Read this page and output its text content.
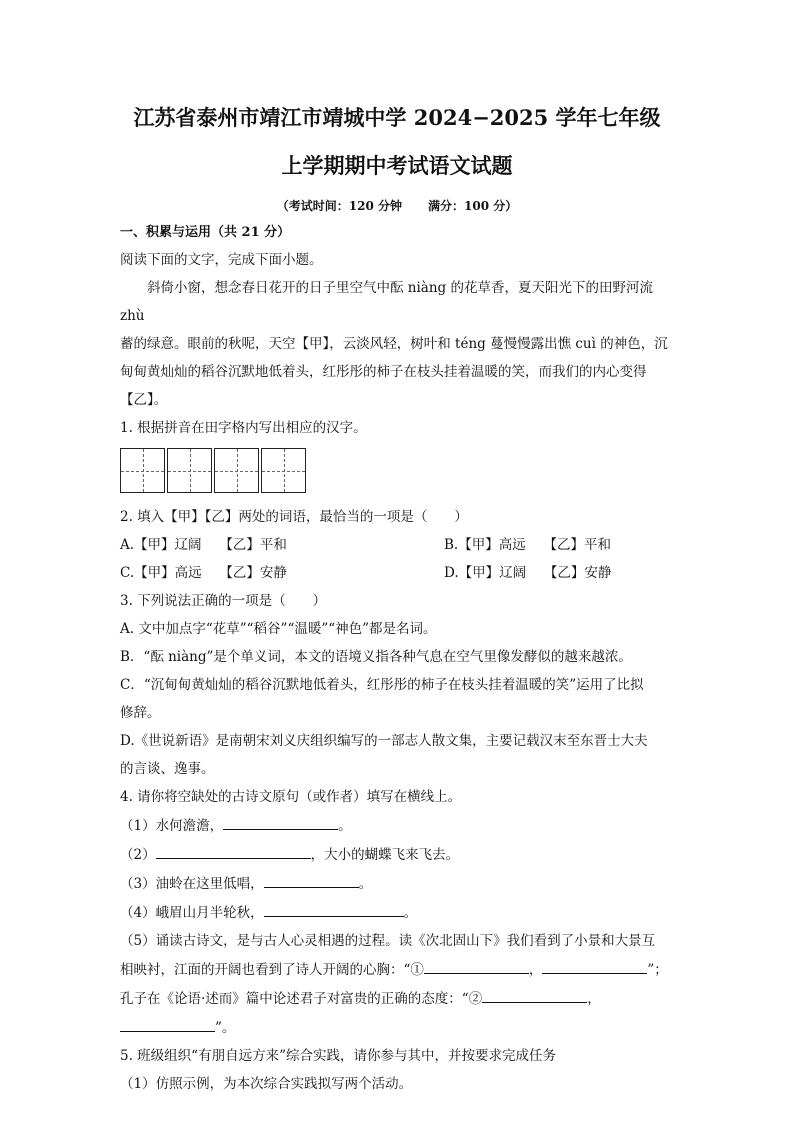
江苏省泰州市靖江市靖城中学 2024−2025 学年七年级
上学期期中考试语文试题
（考试时间：120 分钟 满分：100 分）
一、积累与运用（共 21 分）
阅读下面的文字，完成下面小题。
斜倚小窗，想念春日花开的日子里空气中酝 niàng 的花草香，夏天阳光下的田野河流 zhù
蓄的绿意。眼前的秋呢，天空【甲】，云淡风轻，树叶和 téng 蔓慢慢露出憔 cuì 的神色，沉
甸甸黄灿灿的稻谷沉默地低着头，红彤彤的柿子在枝头挂着温暖的笑，而我们的内心变得
【乙】。
1. 根据拼音在田字格内写出相应的汉字。
2. 填入【甲】【乙】两处的词语，最恰当的一项是（　　）
A.【甲】辽阔　 【乙】平和	B.【甲】高远　 【乙】平和
C.【甲】高远　 【乙】安静	D.【甲】辽阔　 【乙】安静
3. 下列说法正确的一项是（　　）
A. 文中加点字“花草”“稻谷”“温暖”“神色”都是名词。
B．“酝 niàng”是个单义词，本文的语境义指各种气息在空气里像发酵似的越来越浓。
C．“沉甸甸黄灿灿的稻谷沉默地低着头，红彤彤的柿子在枝头挂着温暖的笑”运用了比拟
修辞。
D.《世说新语》是南朝宋刘义庆组织编写的一部志人散文集，主要记载汉末至东晋士大夫
的言谈、逸事。
4. 请你将空缺处的古诗文原句（或作者）填写在横线上。
（1）水何澹澹，	。
（2）	，大小的蝴蝶飞来飞去。
（3）油蛉在这里低唱，	。
（4）峨眉山月半轮秋，	。
（5）诵读古诗文，是与古人心灵相遇的过程。读《次北固山下》我们看到了小景和大景互
相映衬，江面的开阔也看到了诗人开阔的心胸：“①	，	”；
孔子在《论语·述而》篇中论述君子对富贵的正确的态度：“②	，
”。
5. 班级组织“有朋自远方来”综合实践，请你参与其中，并按要求完成任务
（1）仿照示例，为本次综合实践拟写两个活动。
